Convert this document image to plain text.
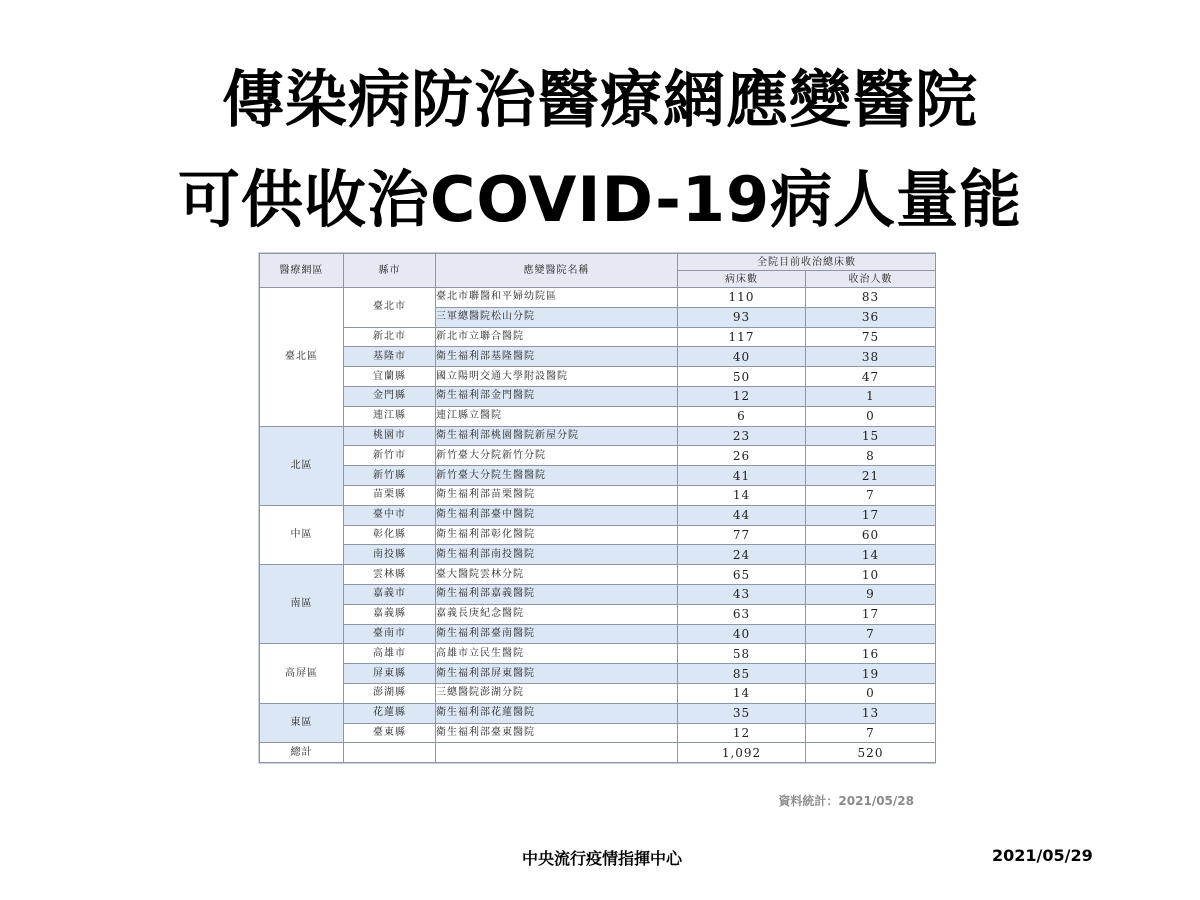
傳染病防治醫療網應變醫院
可供收治COVID-19病人量能
醫療網區	縣市	應變醫院名稱	全院目前收治總床數	
			病床數	收治人數
臺北區	臺北市	臺北市聯醫和平婦幼院區	110	83
		三軍總醫院松山分院	93	36
	新北市	新北市立聯合醫院	117	75
	基隆市	衛生福利部基隆醫院	40	38
	宜蘭縣	國立陽明交通大學附設醫院	50	47
	金門縣	衛生福利部金門醫院	12	1
	連江縣	連江縣立醫院	6	0
北區	桃園市	衛生福利部桃園醫院新屋分院	23	15
	新竹市	新竹臺大分院新竹分院	26	8
	新竹縣	新竹臺大分院生醫醫院	41	21
	苗栗縣	衛生福利部苗栗醫院	14	7
中區	臺中市	衛生福利部臺中醫院	44	17
	彰化縣	衛生福利部彰化醫院	77	60
	南投縣	衛生福利部南投醫院	24	14
南區	雲林縣	臺大醫院雲林分院	65	10
	嘉義市	衛生福利部嘉義醫院	43	9
	嘉義縣	嘉義長庚紀念醫院	63	17
	臺南市	衛生福利部臺南醫院	40	7
高屏區	高雄市	高雄市立民生醫院	58	16
	屏東縣	衛生福利部屏東醫院	85	19
	澎湖縣	三總醫院澎湖分院	14	0
東區	花蓮縣	衛生福利部花蓮醫院	35	13
	臺東縣	衛生福利部臺東醫院	12	7
總計			1,092	520
資料統計：2021/05/28
中央流行疫情指揮中心	2021/05/29
